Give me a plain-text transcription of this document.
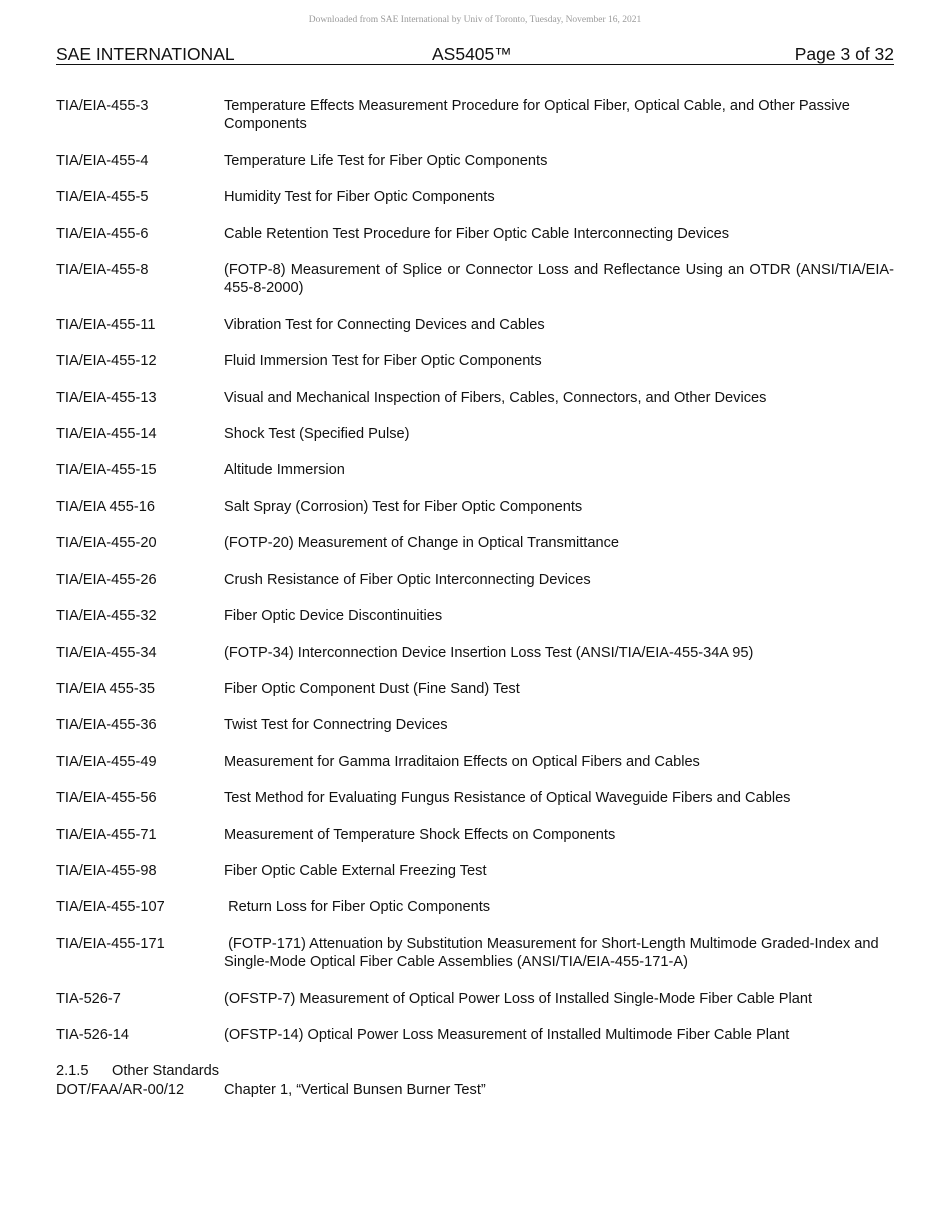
Downloaded from SAE International by Univ of Toronto, Tuesday, November 16, 2021
SAE INTERNATIONAL	AS5405™	Page 3 of 32
TIA/EIA-455-3	Temperature Effects Measurement Procedure for Optical Fiber, Optical Cable, and Other Passive Components
TIA/EIA-455-4	Temperature Life Test for Fiber Optic Components
TIA/EIA-455-5	Humidity Test for Fiber Optic Components
TIA/EIA-455-6	Cable Retention Test Procedure for Fiber Optic Cable Interconnecting Devices
TIA/EIA-455-8	(FOTP-8) Measurement of Splice or Connector Loss and Reflectance Using an OTDR (ANSI/TIA/EIA-455-8-2000)
TIA/EIA-455-11	Vibration Test for Connecting Devices and Cables
TIA/EIA-455-12	Fluid Immersion Test for Fiber Optic Components
TIA/EIA-455-13	Visual and Mechanical Inspection of Fibers, Cables, Connectors, and Other Devices
TIA/EIA-455-14	Shock Test (Specified Pulse)
TIA/EIA-455-15	Altitude Immersion
TIA/EIA 455-16	Salt Spray (Corrosion) Test for Fiber Optic Components
TIA/EIA-455-20	(FOTP-20) Measurement of Change in Optical Transmittance
TIA/EIA-455-26	Crush Resistance of Fiber Optic Interconnecting Devices
TIA/EIA-455-32	Fiber Optic Device Discontinuities
TIA/EIA-455-34	(FOTP-34) Interconnection Device Insertion Loss Test (ANSI/TIA/EIA-455-34A 95)
TIA/EIA 455-35	Fiber Optic Component Dust (Fine Sand) Test
TIA/EIA-455-36	Twist Test for Connectring Devices
TIA/EIA-455-49	Measurement for Gamma Irraditaion Effects on Optical Fibers and Cables
TIA/EIA-455-56	Test Method for Evaluating Fungus Resistance of Optical Waveguide Fibers and Cables
TIA/EIA-455-71	Measurement of Temperature Shock Effects on Components
TIA/EIA-455-98	Fiber Optic Cable External Freezing Test
TIA/EIA-455-107	Return Loss for Fiber Optic Components
TIA/EIA-455-171	(FOTP-171) Attenuation by Substitution Measurement for Short-Length Multimode Graded-Index and Single-Mode Optical Fiber Cable Assemblies (ANSI/TIA/EIA-455-171-A)
TIA-526-7	(OFSTP-7) Measurement of Optical Power Loss of Installed Single-Mode Fiber Cable Plant
TIA-526-14	(OFSTP-14) Optical Power Loss Measurement of Installed Multimode Fiber Cable Plant
2.1.5	Other Standards
DOT/FAA/AR-00/12	Chapter 1, “Vertical Bunsen Burner Test”
